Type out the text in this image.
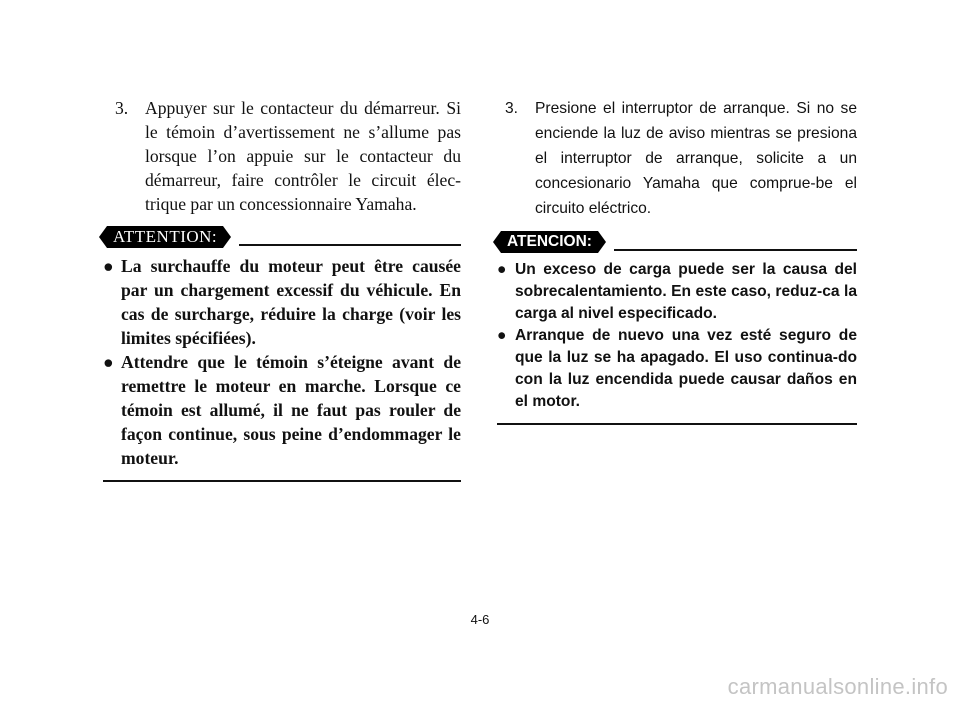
3. Appuyer sur le contacteur du démarreur. Si le témoin d’avertissement ne s’allume pas lorsque l’on appuie sur le contacteur du démarreur, faire contrôler le circuit élec-trique par un concessionnaire Yamaha.
ATTENTION:
● La surchauffe du moteur peut être causée par un chargement excessif du véhicule. En cas de surcharge, réduire la charge (voir les limites spécifiées).
● Attendre que le témoin s’éteigne avant de remettre le moteur en marche. Lorsque ce témoin est allumé, il ne faut pas rouler de façon continue, sous peine d’endommager le moteur.
3.	Presione el interruptor de arranque. Si no se enciende la luz de aviso mientras se presiona el interruptor de arranque, solicite a un concesionario Yamaha que comprue-be el circuito eléctrico.
ATENCION:
● Un exceso de carga puede ser la causa del sobrecalentamiento. En este caso, reduz-ca la carga al nivel especificado.
● Arranque de nuevo una vez esté seguro de que la luz se ha apagado. El uso continua-do con la luz encendida puede causar daños en el motor.
4-6
carmanualsonline.info
